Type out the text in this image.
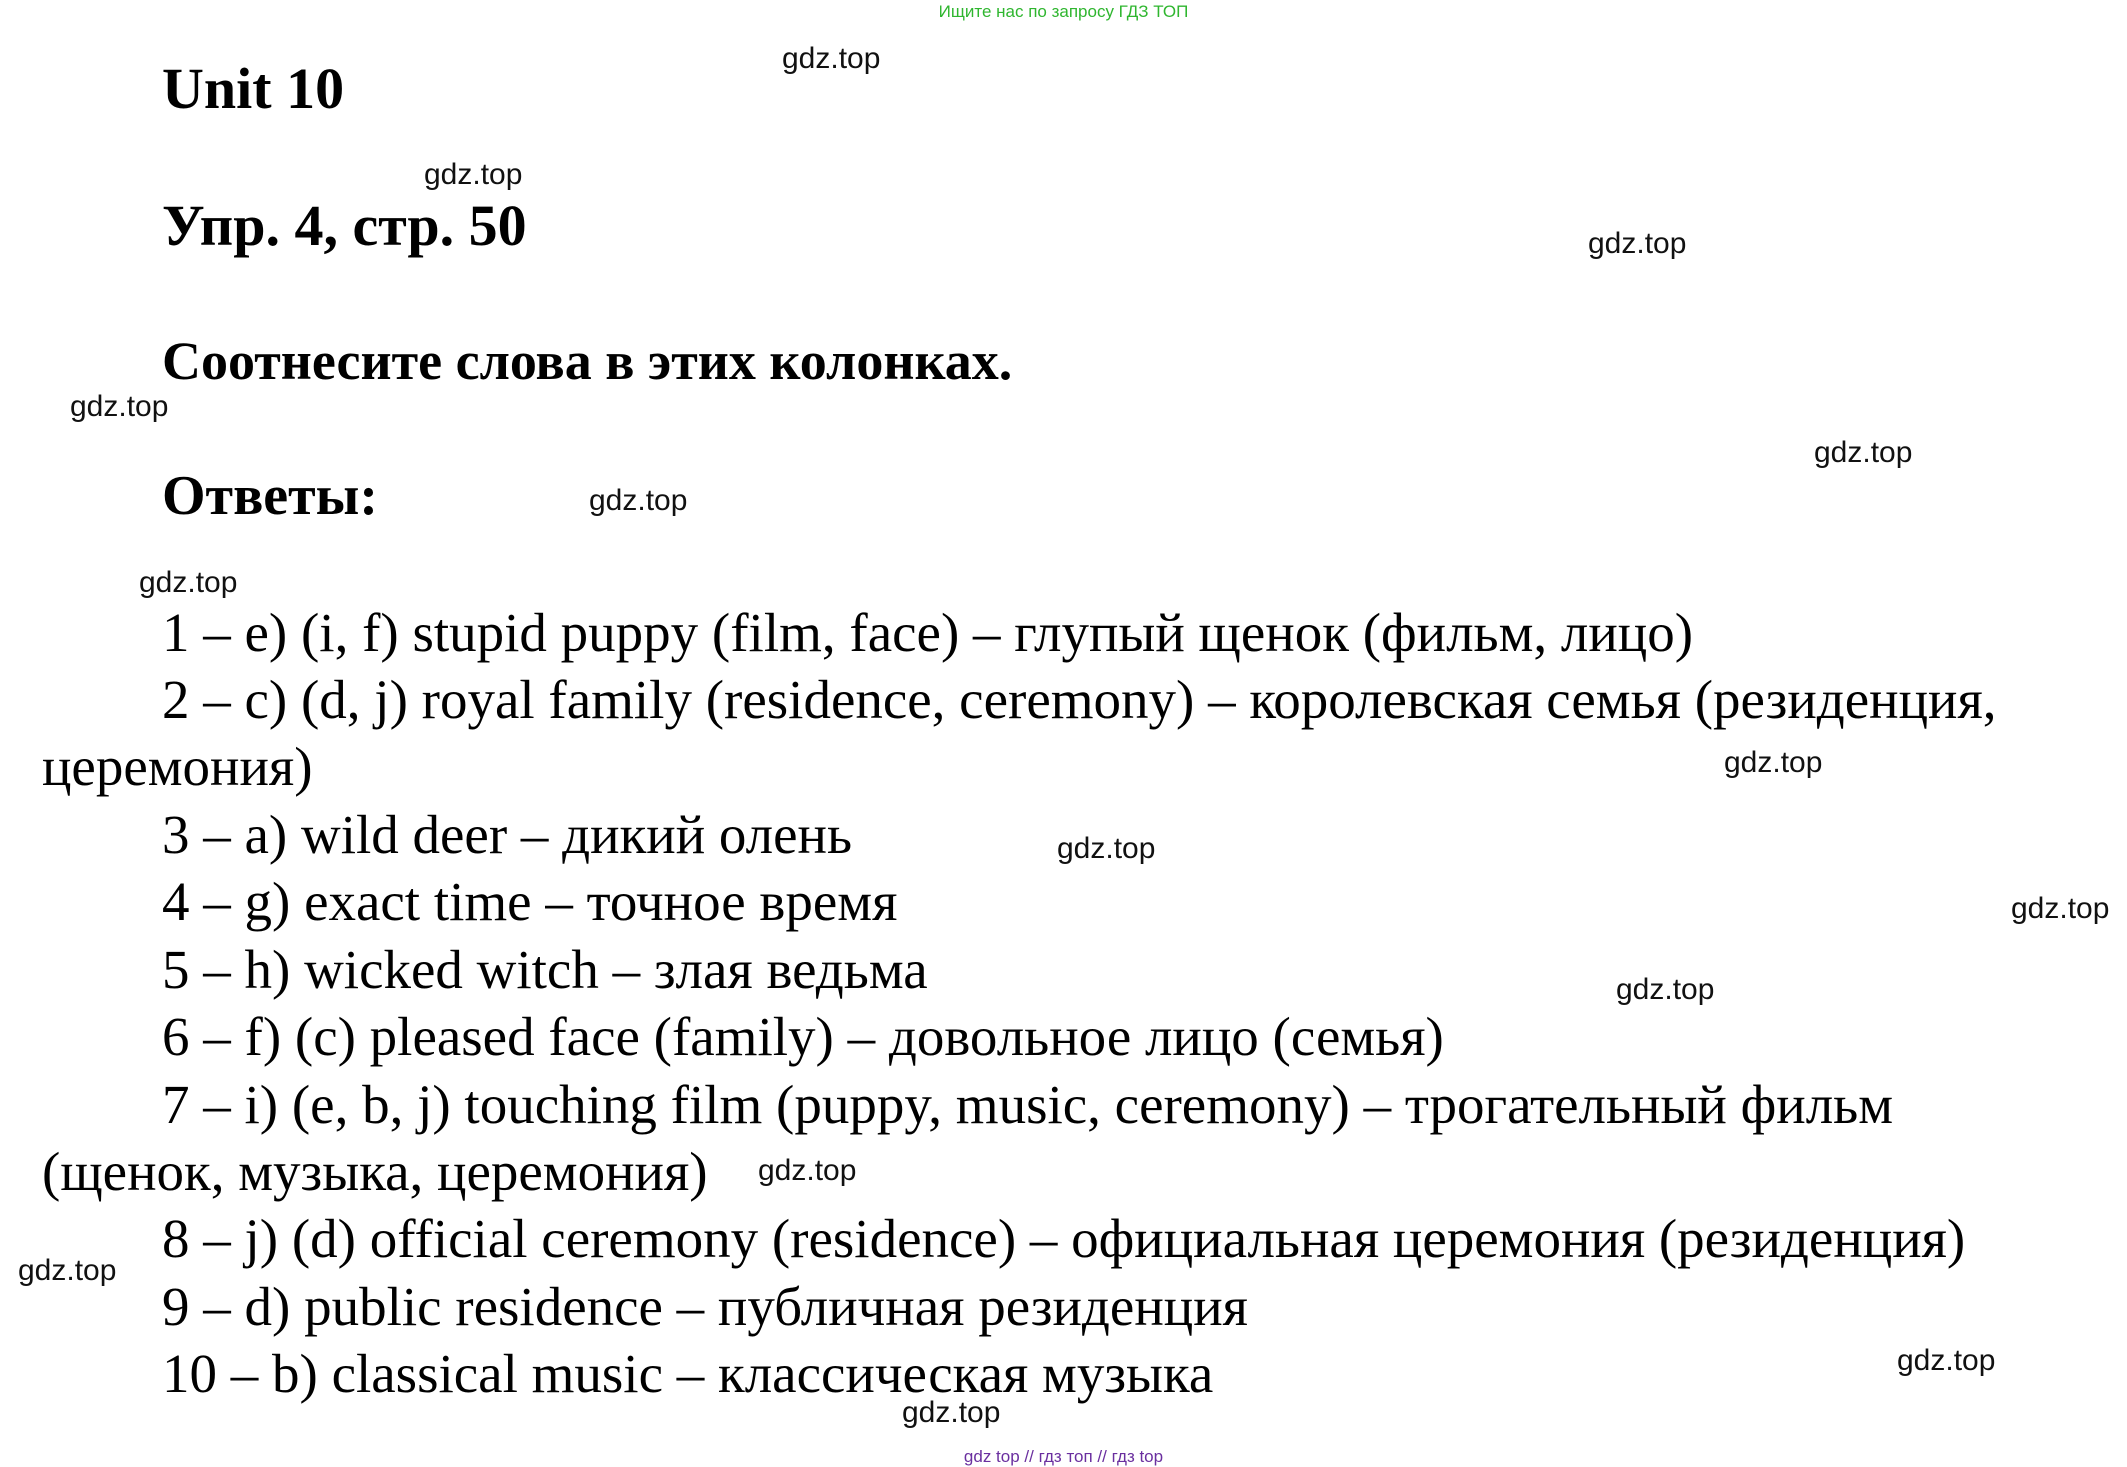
Ищите нас по запросу ГДЗ ТОП
Unit 10
Упр. 4, стр. 50
Соотнесите слова в этих колонках.
Ответы:
1 – e) (i, f) stupid puppy (film, face) – глупый щенок (фильм, лицо)
2 – c) (d, j) royal family (residence, ceremony) – королевская семья (резиденция,
церемония)
3 – a) wild deer – дикий олень
4 – g) exact time – точное время
5 – h) wicked witch – злая ведьма
6 – f) (c) pleased face (family) – довольное лицо (семья)
7 – i) (e, b, j) touching film (puppy, music, ceremony) – трогательный фильм
(щенок, музыка, церемония)
8 – j) (d) official ceremony (residence) – официальная церемония (резиденция)
9 – d) public residence – публичная резиденция
10 – b) classical music – классическая музыка
gdz.top
gdz.top
gdz.top
gdz.top
gdz.top
gdz.top
gdz.top
gdz.top
gdz.top
gdz.top
gdz.top
gdz.top
gdz.top
gdz.top
gdz.top
gdz top // гдз топ // гдз top
